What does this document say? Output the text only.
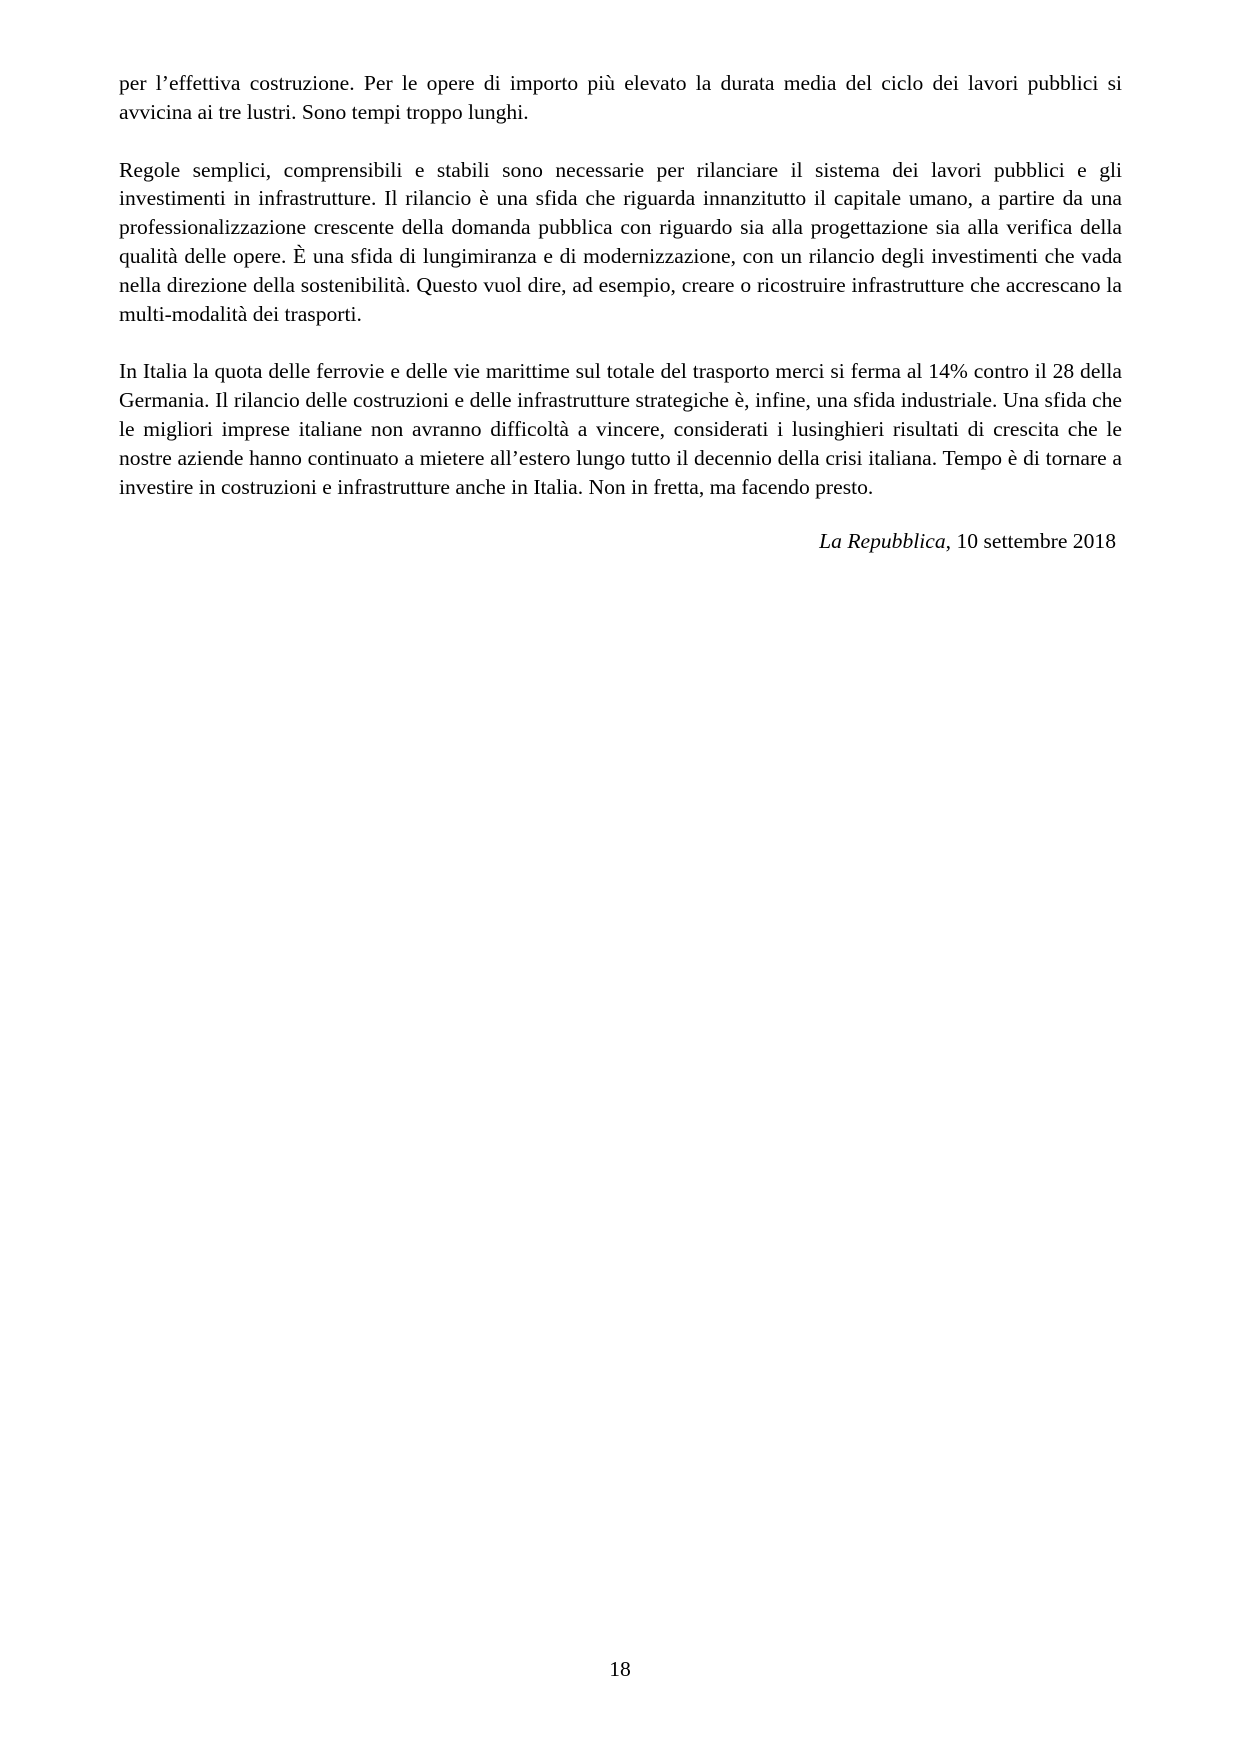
per l’effettiva costruzione. Per le opere di importo più elevato la durata media del ciclo dei lavori pubblici si avvicina ai tre lustri. Sono tempi troppo lunghi.

Regole semplici, comprensibili e stabili sono necessarie per rilanciare il sistema dei lavori pubblici e gli investimenti in infrastrutture. Il rilancio è una sfida che riguarda innanzitutto il capitale umano, a partire da una professionalizzazione crescente della domanda pubblica con riguardo sia alla progettazione sia alla verifica della qualità delle opere. È una sfida di lungimiranza e di modernizzazione, con un rilancio degli investimenti che vada nella direzione della sostenibilità. Questo vuol dire, ad esempio, creare o ricostruire infrastrutture che accrescano la multi-modalità dei trasporti.

In Italia la quota delle ferrovie e delle vie marittime sul totale del trasporto merci si ferma al 14% contro il 28 della Germania. Il rilancio delle costruzioni e delle infrastrutture strategiche è, infine, una sfida industriale. Una sfida che le migliori imprese italiane non avranno difficoltà a vincere, considerati i lusinghieri risultati di crescita che le nostre aziende hanno continuato a mietere all’estero lungo tutto il decennio della crisi italiana. Tempo è di tornare a investire in costruzioni e infrastrutture anche in Italia. Non in fretta, ma facendo presto.

La Repubblica, 10 settembre 2018

18
